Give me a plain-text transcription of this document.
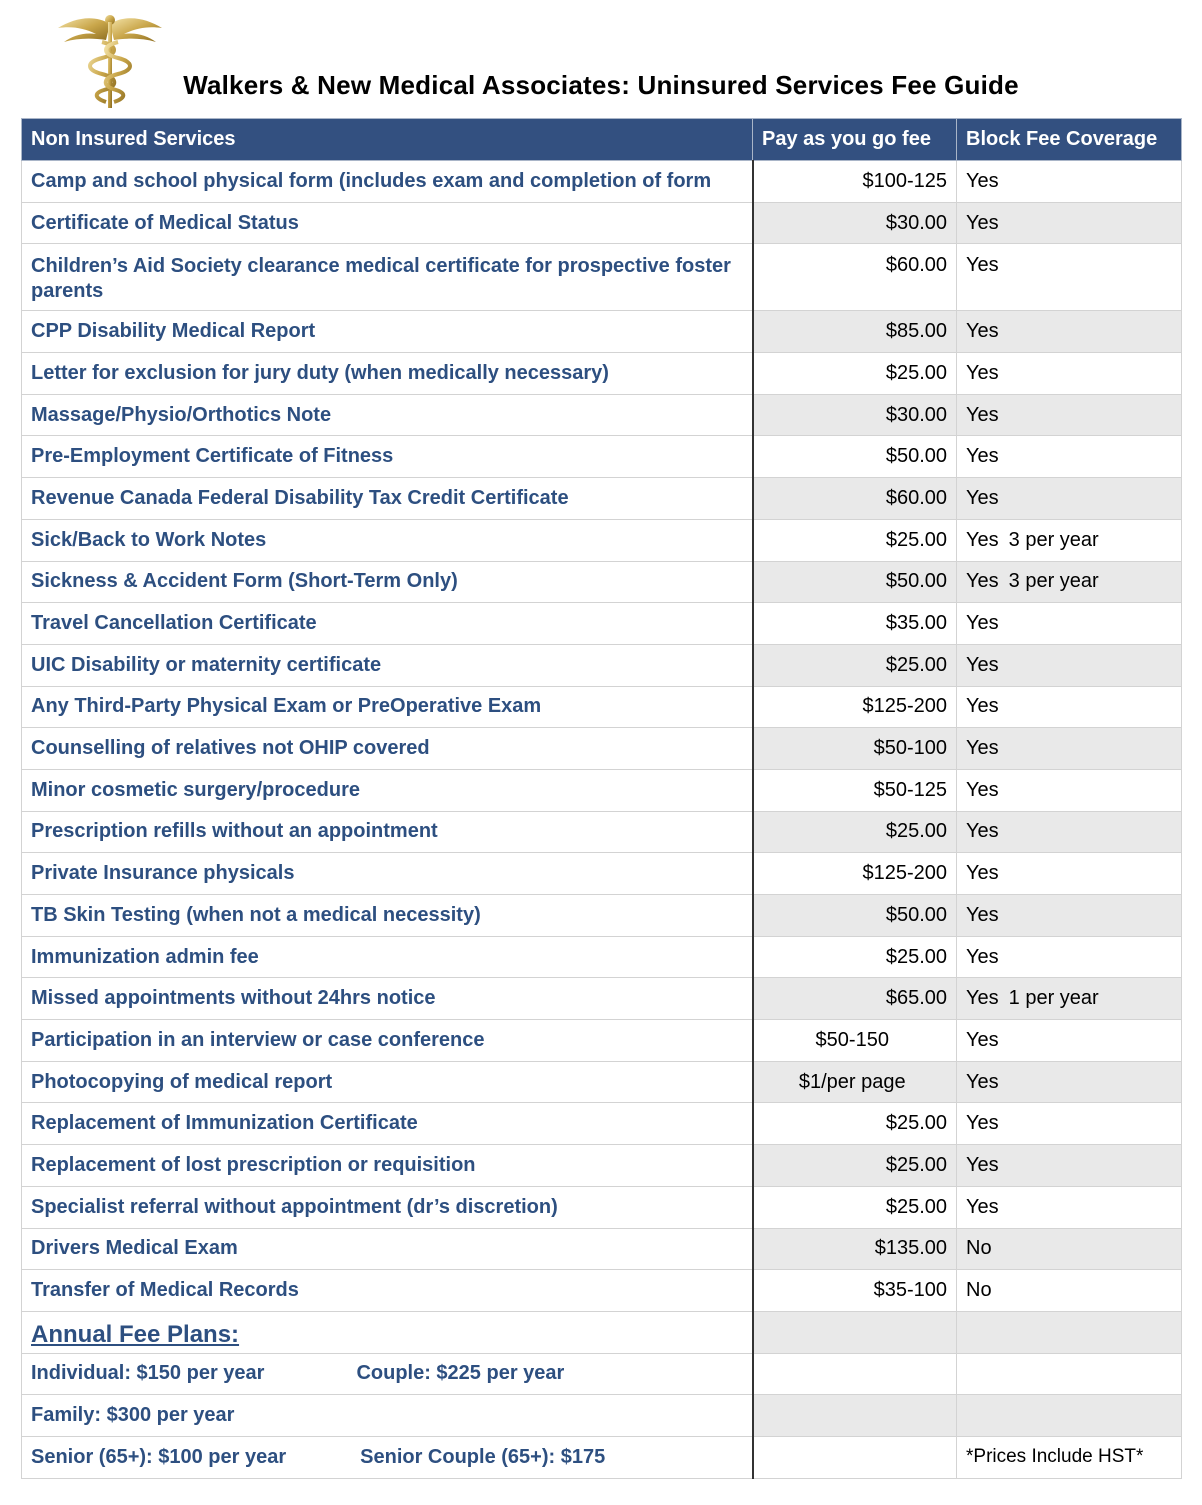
Walkers & New Medical Associates: Uninsured Services Fee Guide
Non Insured Services	Pay as you go fee	Block Fee Coverage
Camp and school physical form (includes exam and completion of form	$100-125	Yes
Certificate of Medical Status	$30.00	Yes
Children’s Aid Society clearance medical certificate for prospective foster parents	$60.00	Yes
CPP Disability Medical Report	$85.00	Yes
Letter for exclusion for jury duty (when medically necessary)	$25.00	Yes
Massage/Physio/Orthotics Note	$30.00	Yes
Pre-Employment Certificate of Fitness	$50.00	Yes
Revenue Canada Federal Disability Tax Credit Certificate	$60.00	Yes
Sick/Back to Work Notes	$25.00	Yes 3 per year
Sickness & Accident Form (Short-Term Only)	$50.00	Yes 3 per year
Travel Cancellation Certificate	$35.00	Yes
UIC Disability or maternity certificate	$25.00	Yes
Any Third-Party Physical Exam or PreOperative Exam	$125-200	Yes
Counselling of relatives not OHIP covered	$50-100	Yes
Minor cosmetic surgery/procedure	$50-125	Yes
Prescription refills without an appointment	$25.00	Yes
Private Insurance physicals	$125-200	Yes
TB Skin Testing (when not a medical necessity)	$50.00	Yes
Immunization admin fee	$25.00	Yes
Missed appointments without 24hrs notice	$65.00	Yes 1 per year
Participation in an interview or case conference	$50-150	Yes
Photocopying of medical report	$1/per page	Yes
Replacement of Immunization Certificate	$25.00	Yes
Replacement of lost prescription or requisition	$25.00	Yes
Specialist referral without appointment (dr’s discretion)	$25.00	Yes
Drivers Medical Exam	$135.00	No
Transfer of Medical Records	$35-100	No
Annual Fee Plans:		
Individual: $150 per year Couple: $225 per year		
Family: $300 per year		
Senior (65+): $100 per year Senior Couple (65+): $175		*Prices Include HST*
